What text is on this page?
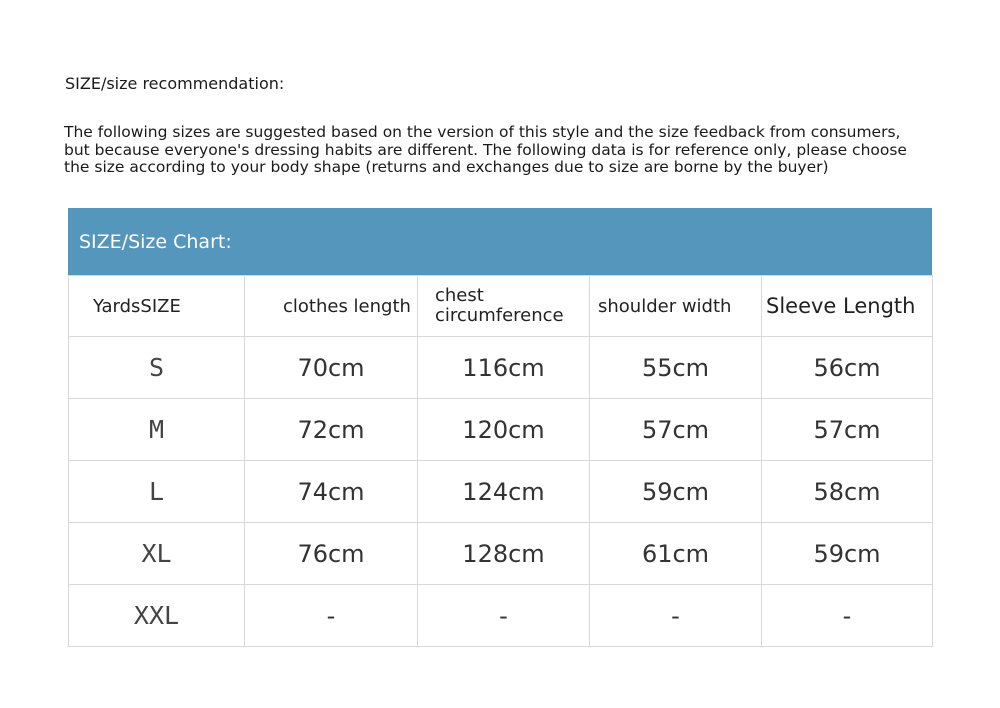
SIZE/size recommendation:
The following sizes are suggested based on the version of this style and the size feedback from consumers,
but because everyone's dressing habits are different. The following data is for reference only, please choose
the size according to your body shape (returns and exchanges due to size are borne by the buyer)
SIZE/Size Chart:
YardsSIZE	clothes length	chest circumference	shoulder width	Sleeve Length
S	70cm	116cm	55cm	56cm
M	72cm	120cm	57cm	57cm
L	74cm	124cm	59cm	58cm
XL	76cm	128cm	61cm	59cm
XXL	-	-	-	-
